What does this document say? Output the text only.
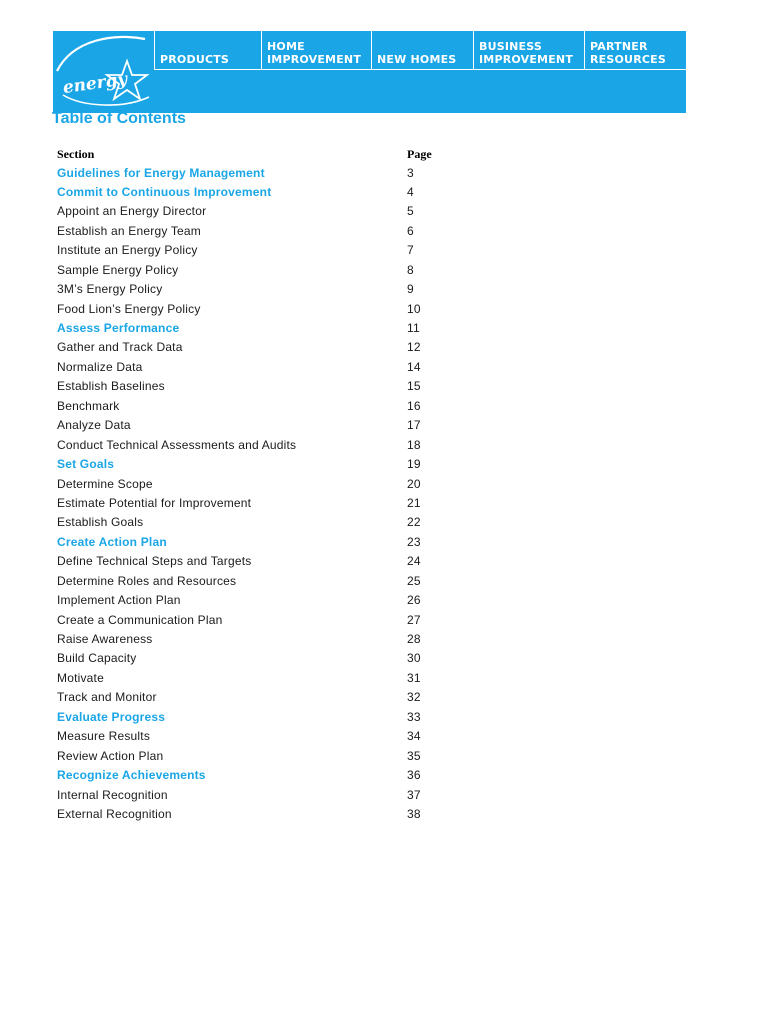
energy
PRODUCTS
HOME
IMPROVEMENT	NEW HOMES
BUSINESS
IMPROVEMENT
PARTNER
RESOURCES
Table of Contents
Section	Page
Guidelines for Energy Management	3
Commit to Continuous Improvement	4
Appoint an Energy Director	5
Establish an Energy Team	6
Institute an Energy Policy	7
Sample Energy Policy	8
3M’s Energy Policy	9
Food Lion’s Energy Policy	10
Assess Performance	11
Gather and Track Data	12
Normalize Data	14
Establish Baselines	15
Benchmark	16
Analyze Data	17
Conduct Technical Assessments and Audits	18
Set Goals	19
Determine Scope	20
Estimate Potential for Improvement	21
Establish Goals	22
Create Action Plan	23
Define Technical Steps and Targets	24
Determine Roles and Resources	25
Implement Action Plan	26
Create a Communication Plan	27
Raise Awareness	28
Build Capacity	30
Motivate	31
Track and Monitor	32
Evaluate Progress	33
Measure Results	34
Review Action Plan	35
Recognize Achievements	36
Internal Recognition	37
External Recognition	38
